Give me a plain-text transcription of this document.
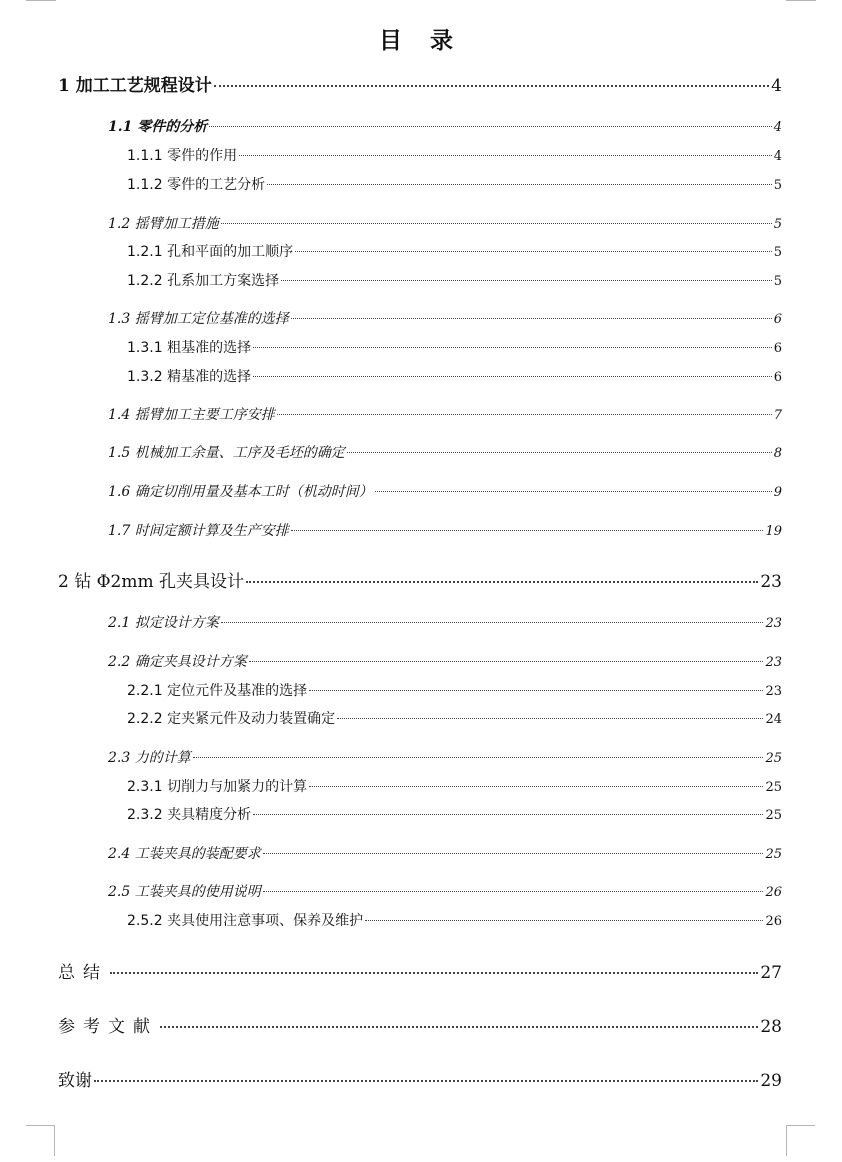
目 录
1 加工工艺规程设计	4
1.1 零件的分析	4
1.1.1 零件的作用	4
1.1.2 零件的工艺分析	5
1.2 摇臂加工措施	5
1.2.1 孔和平面的加工顺序	5
1.2.2 孔系加工方案选择	5
1.3 摇臂加工定位基准的选择	6
1.3.1 粗基准的选择	6
1.3.2 精基准的选择	6
1.4 摇臂加工主要工序安排	7
1.5 机械加工余量、工序及毛坯的确定	8
1.6 确定切削用量及基本工时（机动时间）	9
1.7 时间定额计算及生产安排	19
2 钻 Φ2mm 孔夹具设计	23
2.1 拟定设计方案	23
2.2 确定夹具设计方案	23
2.2.1 定位元件及基准的选择	23
2.2.2 定夹紧元件及动力装置确定	24
2.3 力的计算	25
2.3.1 切削力与加紧力的计算	25
2.3.2 夹具精度分析	25
2.4 工装夹具的装配要求	25
2.5 工装夹具的使用说明	26
2.5.2 夹具使用注意事项、保养及维护	26
总结	27
参考文献	28
致谢	29
